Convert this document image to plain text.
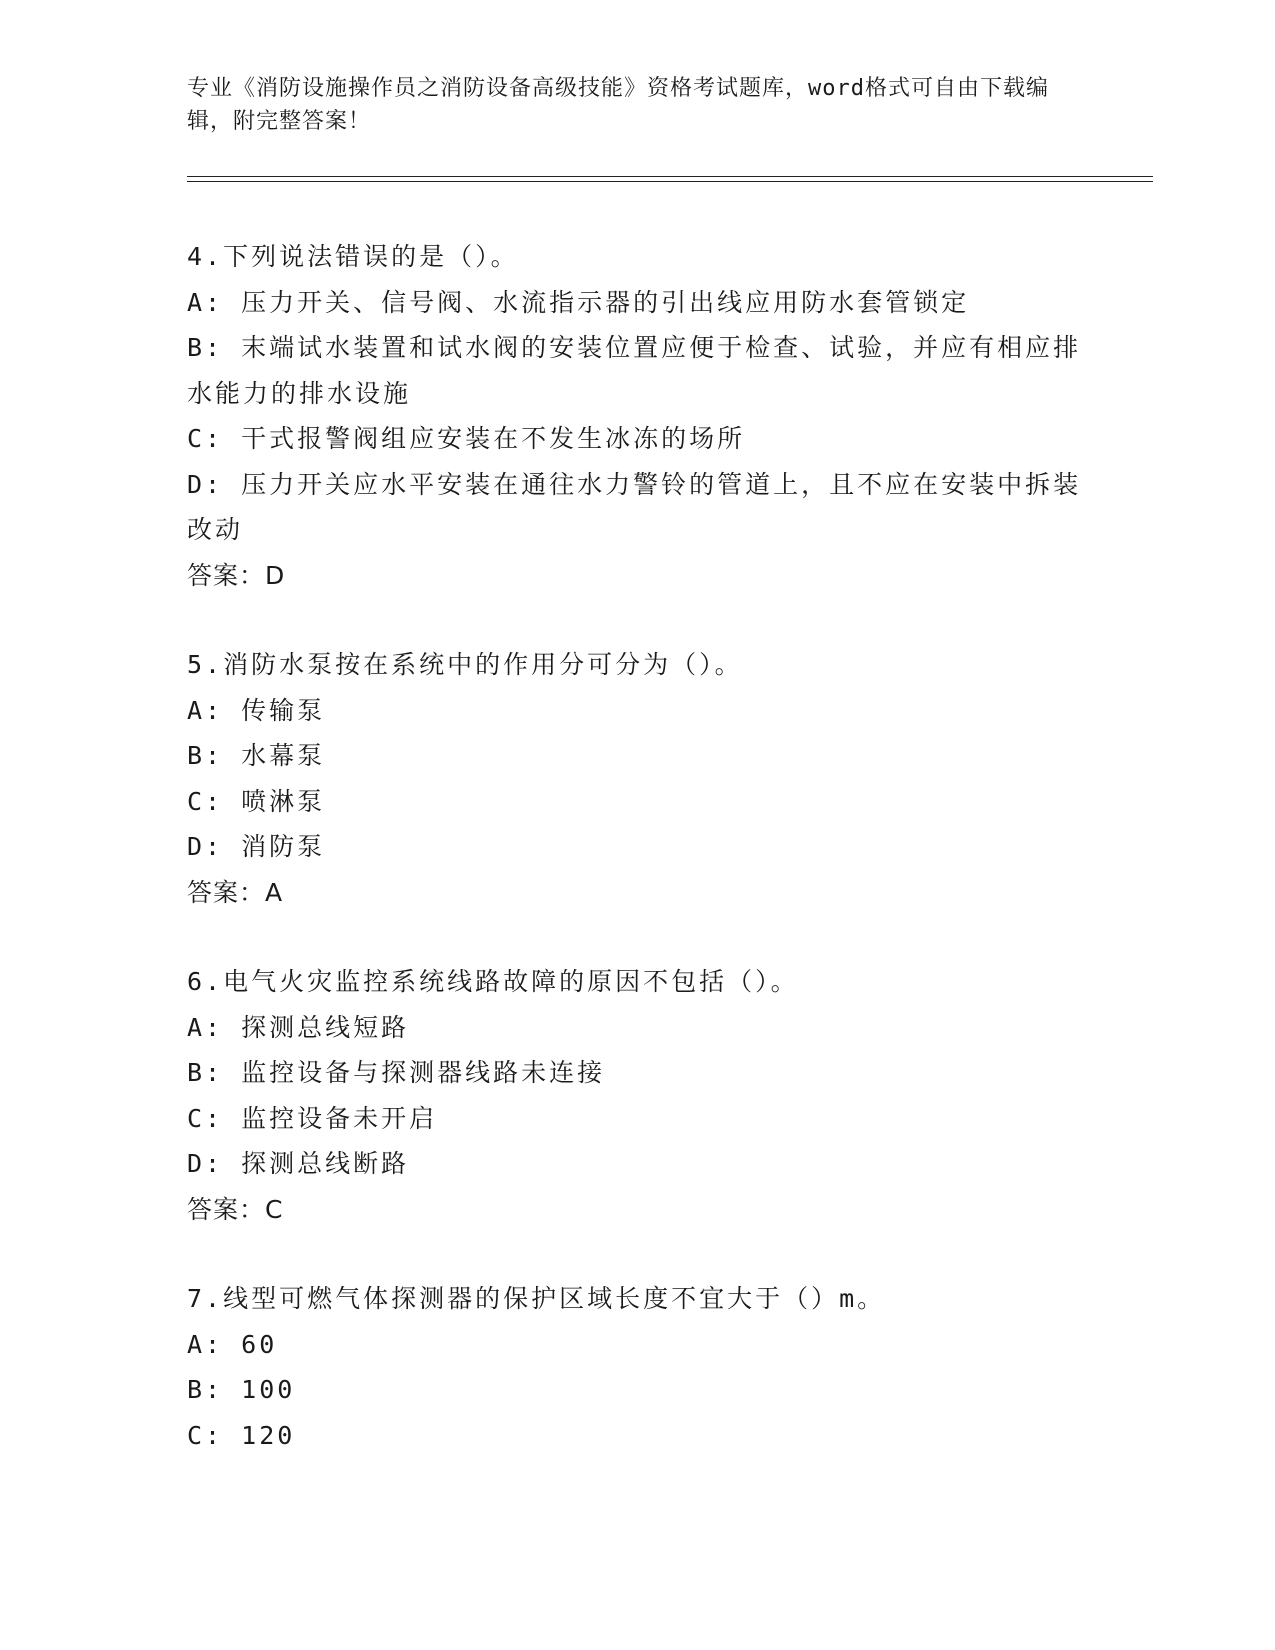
专业《消防设施操作员之消防设备高级技能》资格考试题库，word格式可自由下载编辑，附完整答案！
4.下列说法错误的是（）。
A: 压力开关、信号阀、水流指示器的引出线应用防水套管锁定
B: 末端试水装置和试水阀的安装位置应便于检查、试验，并应有相应排水能力的排水设施
C: 干式报警阀组应安装在不发生冰冻的场所
D: 压力开关应水平安装在通往水力警铃的管道上，且不应在安装中拆装改动
答案：D
5.消防水泵按在系统中的作用分可分为（）。
A: 传输泵
B: 水幕泵
C: 喷淋泵
D: 消防泵
答案：A
6.电气火灾监控系统线路故障的原因不包括（）。
A: 探测总线短路
B: 监控设备与探测器线路未连接
C: 监控设备未开启
D: 探测总线断路
答案：C
7.线型可燃气体探测器的保护区域长度不宜大于（）m。
A: 60
B: 100
C: 120
